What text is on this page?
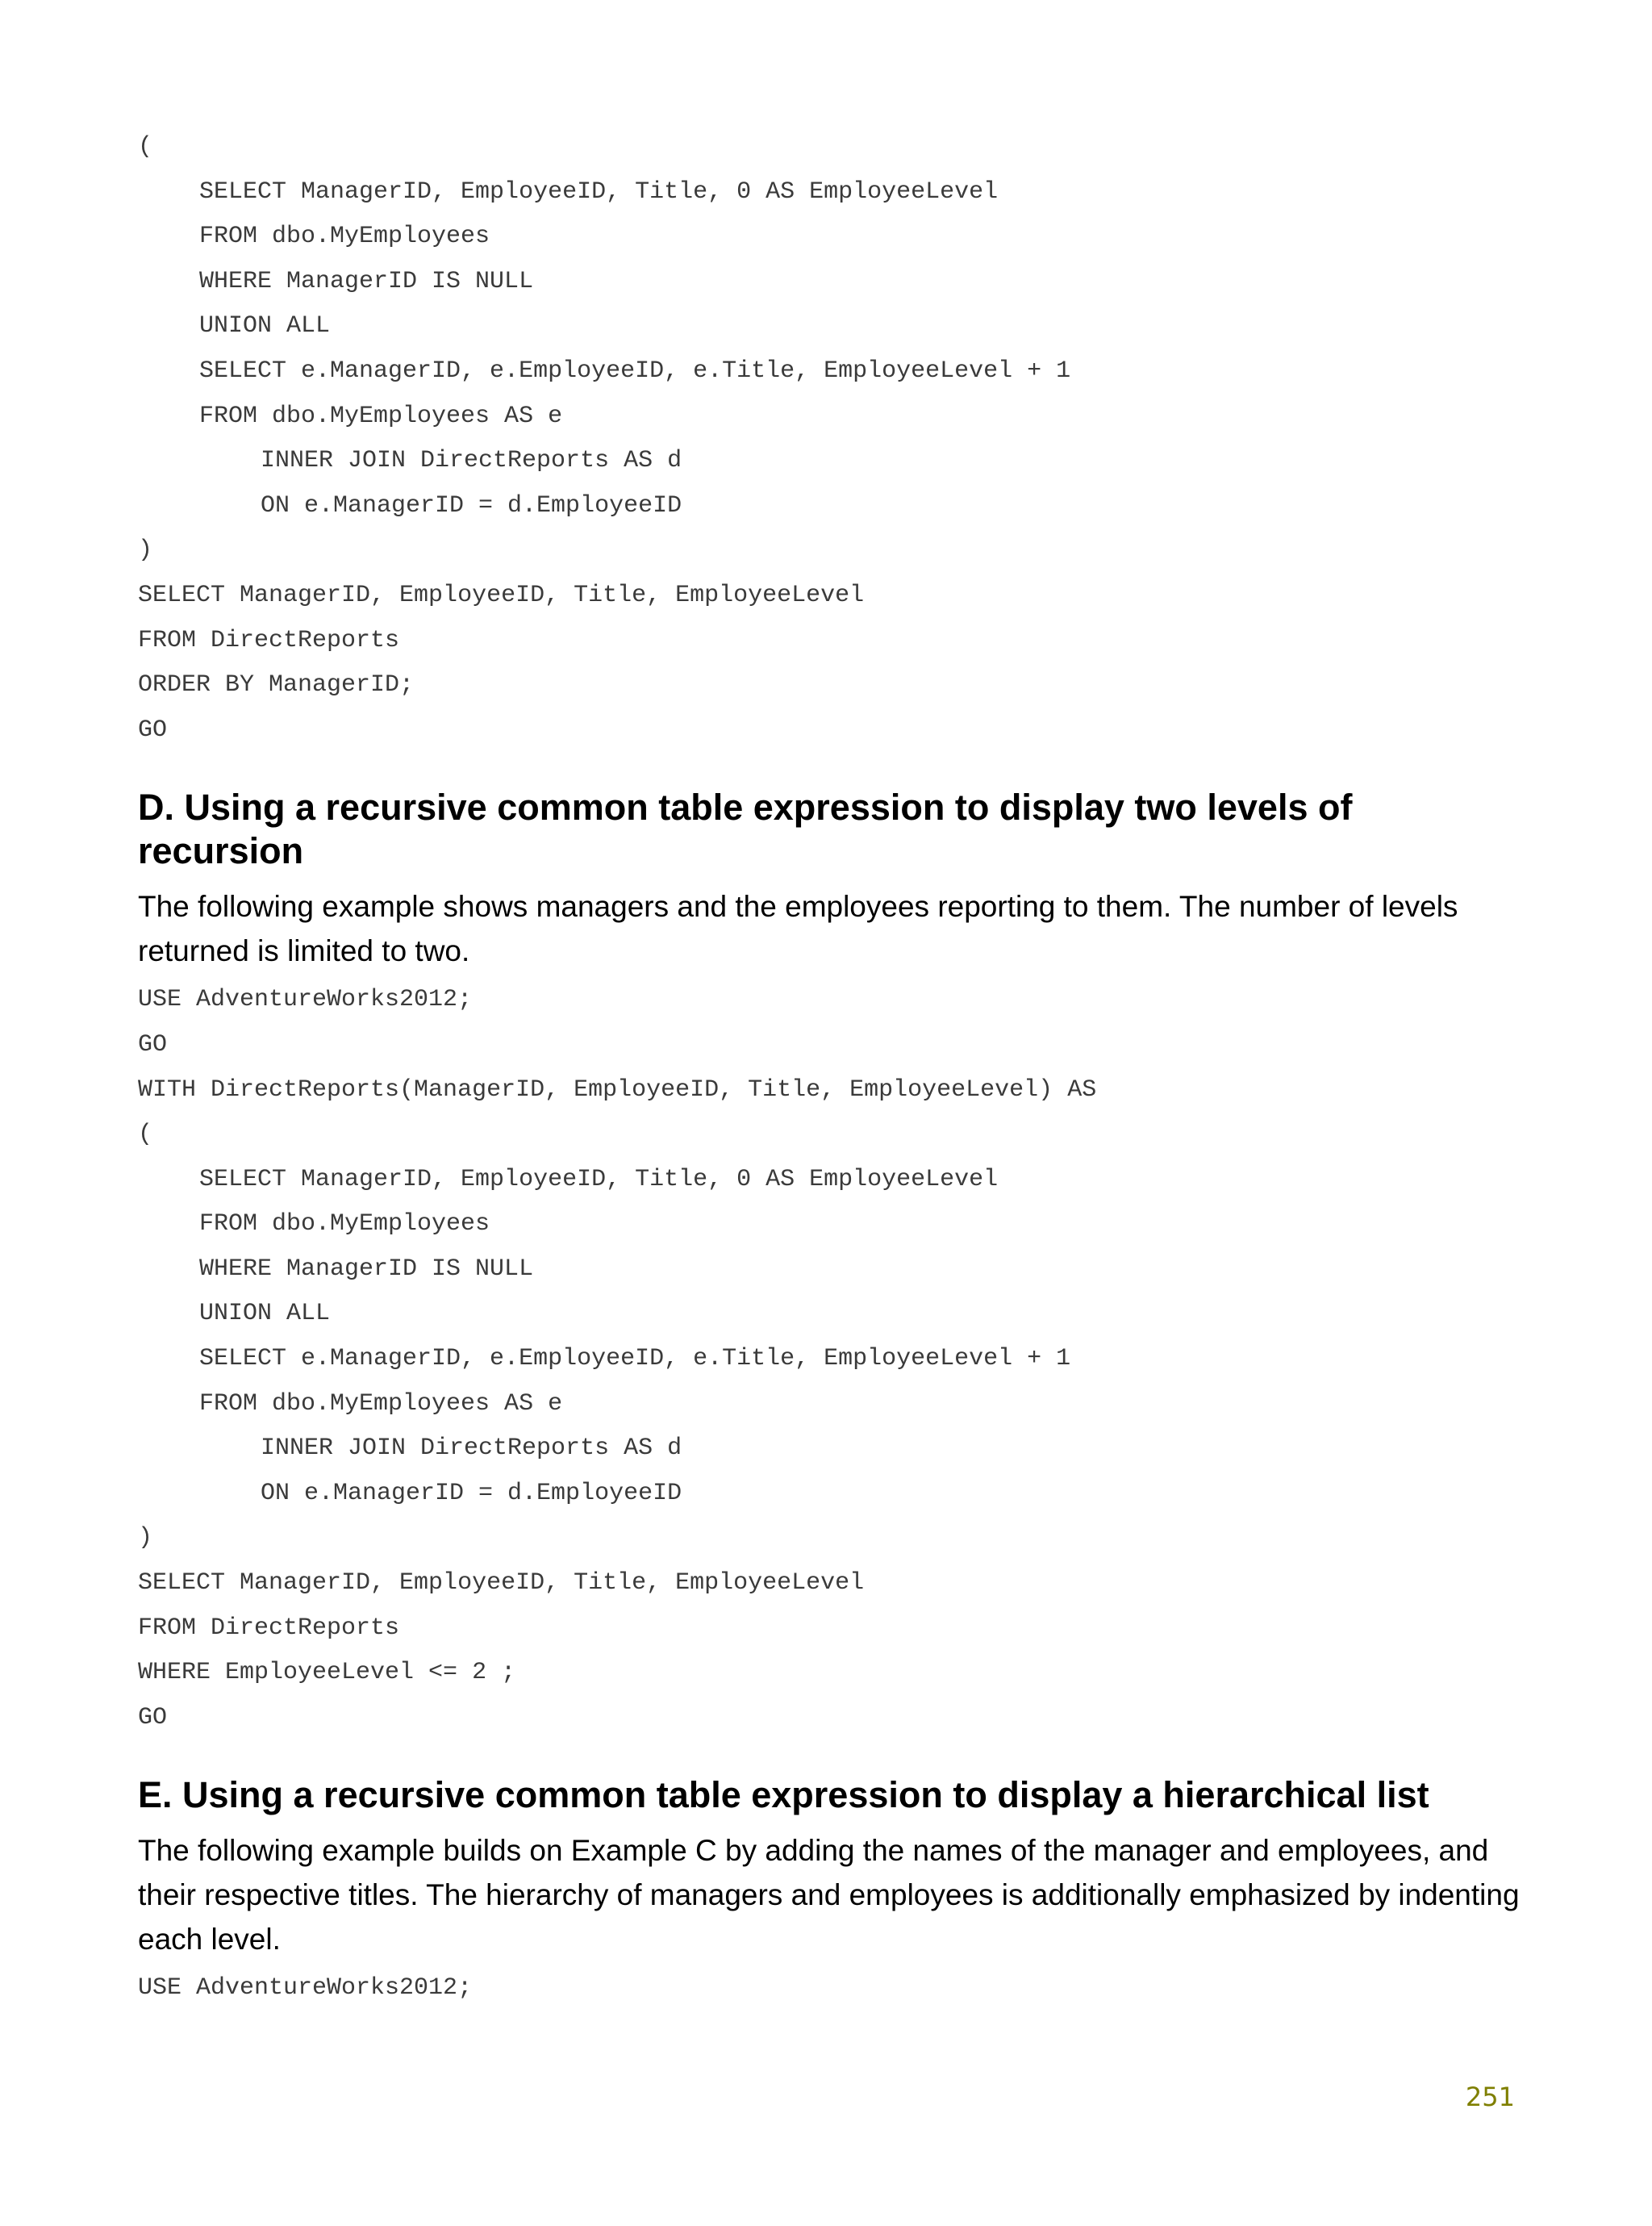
(
SELECT ManagerID, EmployeeID, Title, 0 AS EmployeeLevel
FROM dbo.MyEmployees
WHERE ManagerID IS NULL
UNION ALL
SELECT e.ManagerID, e.EmployeeID, e.Title, EmployeeLevel + 1
FROM dbo.MyEmployees AS e
INNER JOIN DirectReports AS d
ON e.ManagerID = d.EmployeeID
)
SELECT ManagerID, EmployeeID, Title, EmployeeLevel
FROM DirectReports
ORDER BY ManagerID;
GO
D. Using a recursive common table expression to display two levels of recursion

The following example shows managers and the employees reporting to them. The number of levels returned is limited to two.

USE AdventureWorks2012;
GO
WITH DirectReports(ManagerID, EmployeeID, Title, EmployeeLevel) AS
(
SELECT ManagerID, EmployeeID, Title, 0 AS EmployeeLevel
FROM dbo.MyEmployees
WHERE ManagerID IS NULL
UNION ALL
SELECT e.ManagerID, e.EmployeeID, e.Title, EmployeeLevel + 1
FROM dbo.MyEmployees AS e
INNER JOIN DirectReports AS d
ON e.ManagerID = d.EmployeeID
)
SELECT ManagerID, EmployeeID, Title, EmployeeLevel
FROM DirectReports
WHERE EmployeeLevel <= 2 ;
GO
E. Using a recursive common table expression to display a hierarchical list

The following example builds on Example C by adding the names of the manager and employees, and their respective titles. The hierarchy of managers and employees is additionally emphasized by indenting each level.

USE AdventureWorks2012;
251
